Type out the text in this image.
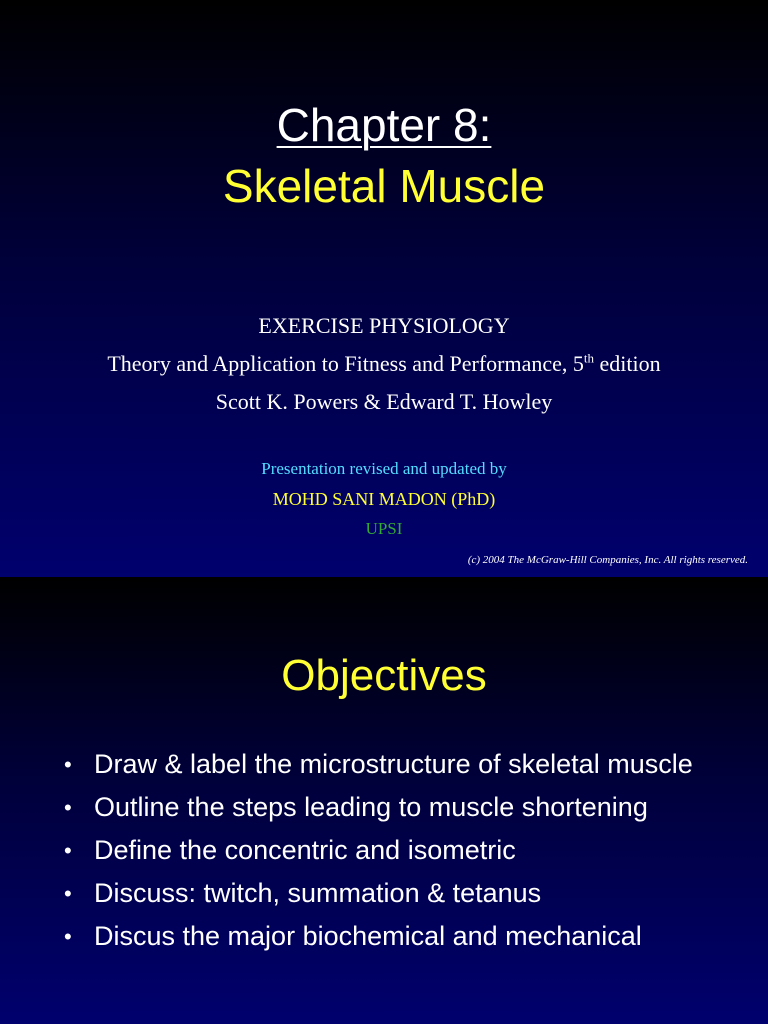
Chapter 8:
Skeletal Muscle

EXERCISE PHYSIOLOGY

Theory and Application to Fitness and Performance, 5th edition

Scott K. Powers & Edward T. Howley

Presentation revised and updated by

MOHD SANI MADON (PhD)

UPSI

(c) 2004 The McGraw-Hill Companies, Inc. All rights reserved.

Objectives
• Draw & label the microstructure of skeletal muscle
• Outline the steps leading to muscle shortening
• Define the concentric and isometric
• Discuss: twitch, summation & tetanus
• Discus the major biochemical and mechanical
